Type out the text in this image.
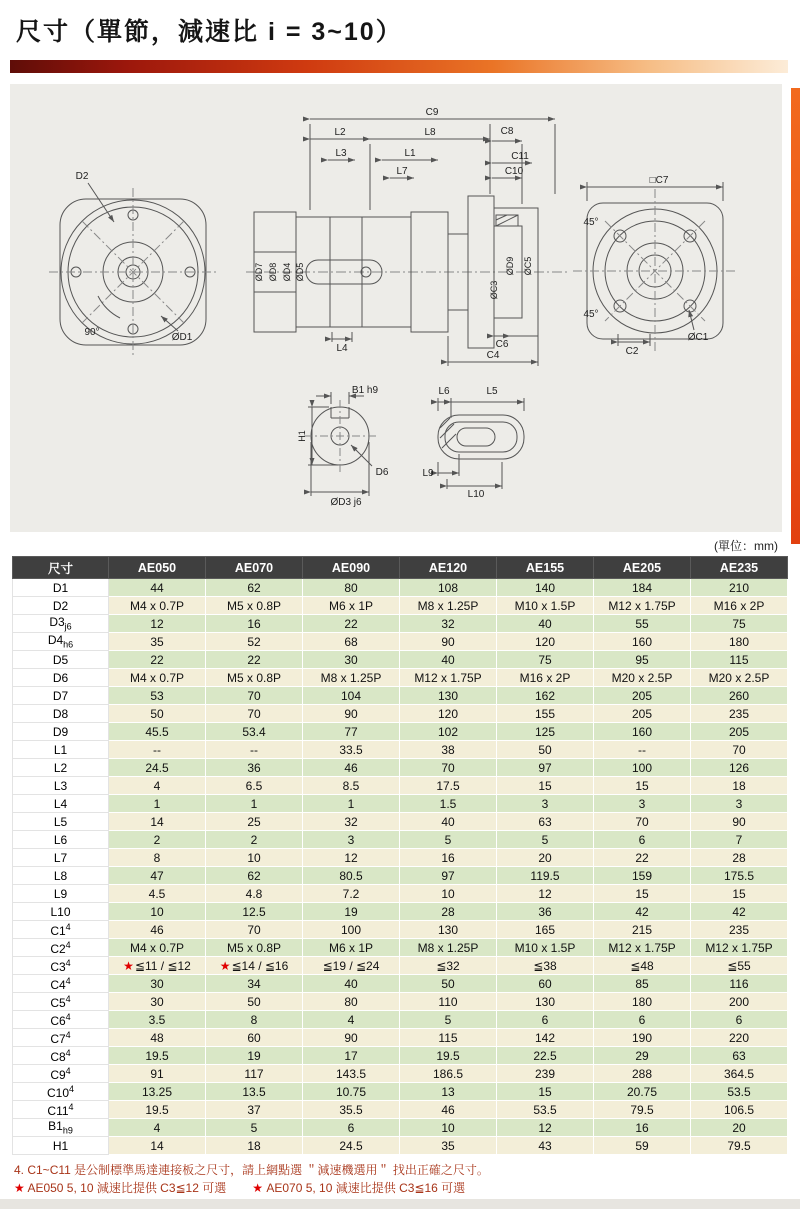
尺寸（單節，減速比 i = 3~10）
D2
90°	ØD1
C9
L2	L8	C8
L3	L1
L7
C11
C10
ØD7 ØD8 ØD4 ØD5	ØD9 ØC5
ØC3
L4	C6
C4
□C7
45°
45°
C2
ØC1
B1 h9
H1
D6
ØD3 j6
L6	L5
L9
L10
(單位：mm)
尺寸	AE050	AE070	AE090	AE120	AE155	AE205	AE235
D1	44	62	80	108	140	184	210
D2	M4 x 0.7P	M5 x 0.8P	M6 x 1P	M8 x 1.25P	M10 x 1.5P	M12 x 1.75P	M16 x 2P
$D3_{j6}$	12	16	22	32	40	55	75
$D4_{h6}$	35	52	68	90	120	160	180
D5	22	22	30	40	75	95	115
D6	M4 x 0.7P	M5 x 0.8P	M8 x 1.25P	M12 x 1.75P	M16 x 2P	M20 x 2.5P	M20 x 2.5P
D7	53	70	104	130	162	205	260
D8	50	70	90	120	155	205	235
D9	45.5	53.4	77	102	125	160	205
L1	--	--	33.5	38	50	--	70
L2	24.5	36	46	70	97	100	126
L3	4	6.5	8.5	17.5	15	15	18
L4	1	1	1	1.5	3	3	3
L5	14	25	32	40	63	70	90
L6	2	2	3	5	5	6	7
L7	8	10	12	16	20	22	28
L8	47	62	80.5	97	119.5	159	175.5
L9	4.5	4.8	7.2	10	12	15	15
L10	10	12.5	19	28	36	42	42
$C1^4$	46	70	100	130	165	215	235
$C2^4$	M4 x 0.7P	M5 x 0.8P	M6 x 1P	M8 x 1.25P	M10 x 1.5P	M12 x 1.75P	M12 x 1.75P
$C3^4$	★≦11 / ≦12	★≦14 / ≦16	≦19 / ≦24	≦32	≦38	≦48	≦55
$C4^4$	30	34	40	50	60	85	116
$C5^4$	30	50	80	110	130	180	200
$C6^4$	3.5	8	4	5	6	6	6
$C7^4$	48	60	90	115	142	190	220
$C8^4$	19.5	19	17	19.5	22.5	29	63
$C9^4$	91	117	143.5	186.5	239	288	364.5
$C10^4$	13.25	13.5	10.75	13	15	20.75	53.5
$C11^4$	19.5	37	35.5	46	53.5	79.5	106.5
$B1_{h9}$	4	5	6	10	12	16	20
H1	14	18	24.5	35	43	59	79.5
4. C1~C11 是公制標準馬達連接板之尺寸，請上網點選 ＂減速機選用＂ 找出正確之尺寸。
★ AE050 5, 10 減速比提供 C3≦12 可選 ★ AE070 5, 10 減速比提供 C3≦16 可選
